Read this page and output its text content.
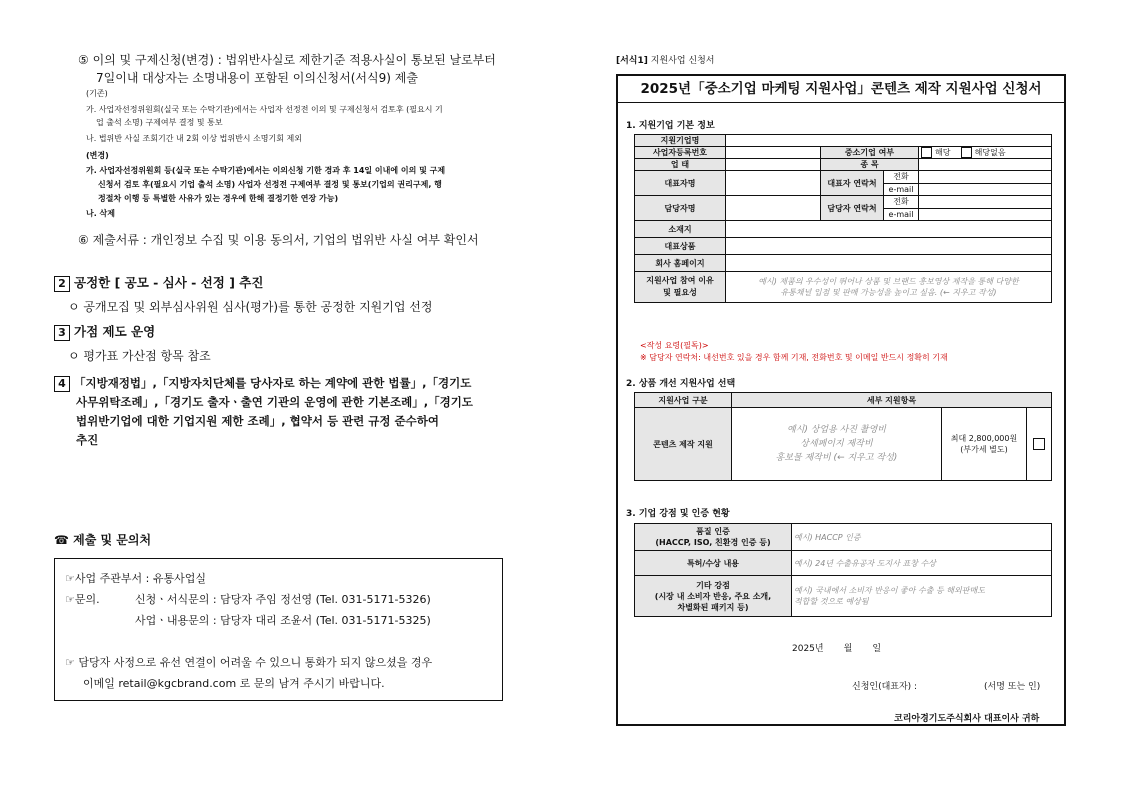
⑤ 이의 및 구제신청(변경) : 법위반사실로 제한기준 적용사실이 통보된 날로부터
7일이내 대상자는 소명내용이 포함된 이의신청서(서식9) 제출
(기존)
가. 사업자선정위원회(실국 또는 수탁기관)에서는 사업자 선정전 이의 및 구제신청서 검토후 (필요시 기
업 출석 소명) 구제여부 결정 및 통보
나. 법위반 사실 조회기간 내 2회 이상 법위반시 소명기회 제외
(변경)
가. 사업자선정위원회 등(실국 또는 수탁기관)에서는 이의신청 기한 경과 후 14일 이내에 이의 및 구제
신청서 검토 후(필요시 기업 출석 소명) 사업자 선정전 구제여부 결정 및 통보(기업의 권리구제, 행
정절차 이행 등 특별한 사유가 있는 경우에 한해 결정기한 연장 가능)
나. 삭제
⑥ 제출서류 : 개인정보 수집 및 이용 동의서, 기업의 법위반 사실 여부 확인서
2 공정한 [ 공모 - 심사 - 선정 ] 추진
ㅇ 공개모집 및 외부심사위원 심사(평가)를 통한 공정한 지원기업 선정
3 가점 제도 운영
ㅇ 평가표 가산점 항목 참조
4 「지방재정법」,「지방자치단체를 당사자로 하는 계약에 관한 법률」,「경기도
사무위탁조례」,「경기도 출자ㆍ출연 기관의 운영에 관한 기본조례」,「경기도
법위반기업에 대한 기업지원 제한 조례」, 협약서 등 관련 규정 준수하여
추진
☎ 제출 및 문의처
☞사업 주관부서 : 유통사업실
☞문의.	신청ㆍ서식문의 : 담당자 주임 정선영 (Tel. 031-5171-5326)
사업ㆍ내용문의 : 담당자 대리 조윤서 (Tel. 031-5171-5325)
☞ 담당자 사정으로 유선 연결이 어려울 수 있으니 통화가 되지 않으셨을 경우
이메일 retail@kgcbrand.com 로 문의 남겨 주시기 바랍니다.
[서식1] 지원사업 신청서
2025년「중소기업 마케팅 지원사업」콘텐츠 제작 지원사업 신청서
1. 지원기업 기본 정보
지원기업명				
사업자등록번호		중소기업 여부		해당 해당없음
업 태		종 목		
대표자명		대표자 연락처	전화	
			e-mail	
담당자명		담당자 연락처	전화	
			e-mail	
소재지				
대표상품				
회사 홈페이지				
지원사업 참여 이유
및 필요성	예시) 제품의 우수성이 뛰어나 상품 및 브랜드 홍보영상 제작을 통해 다양한
유통채널 입점 및 판매 가능성을 높이고 싶음. (← 지우고 작성)			
<작성 요령(필독)>
※ 담당자 연락처: 내선번호 있을 경우 함께 기재, 전화번호 및 이메일 반드시 정확히 기재
2. 상품 개선 지원사업 선택
지원사업 구분	세부 지원항목		
콘텐츠 제작 지원	예시) 상업용 사진 촬영비
상세페이지 제작비
홍보물 제작비 (← 지우고 작성)	최대 2,800,000원
(부가세 별도)	
3. 기업 강점 및 인증 현황
품질 인증
(HACCP, ISO, 친환경 인증 등)	예시) HACCP 인증
특허/수상 내용	예시) 24년 수출유공자 도지사 표창 수상
기타 강점
(시장 내 소비자 반응, 주요 소개,
차별화된 패키지 등)	예시) 국내에서 소비자 반응이 좋아 수출 등 해외판매도
적합할 것으로 예상됨
2025년 월 일
신청인(대표자) :	(서명 또는 인)
코리아경기도주식회사 대표이사 귀하
